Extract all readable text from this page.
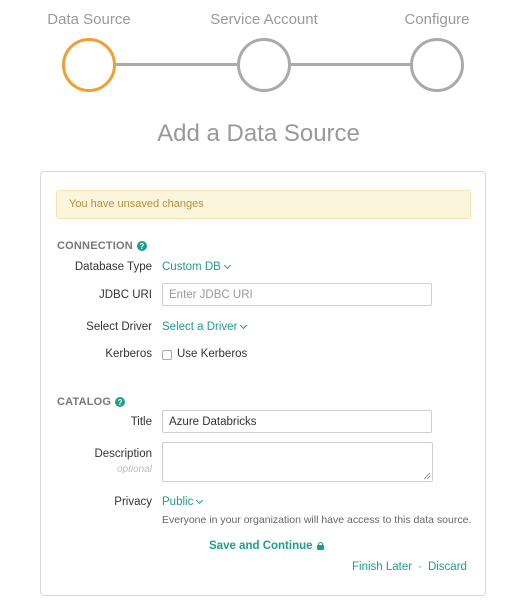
Data Source	Service Account	Configure
Add a Data Source
You have unsaved changes
CONNECTION ?
Database Type Custom DB
JDBC URI
Enter JDBC URI
Select Driver Select a Driver
Kerberos Use Kerberos
CATALOG ?
Title
Azure Databricks
Description
optional
Privacy Public
Everyone in your organization will have access to this data source.
Save and Continue
Finish Later · Discard
